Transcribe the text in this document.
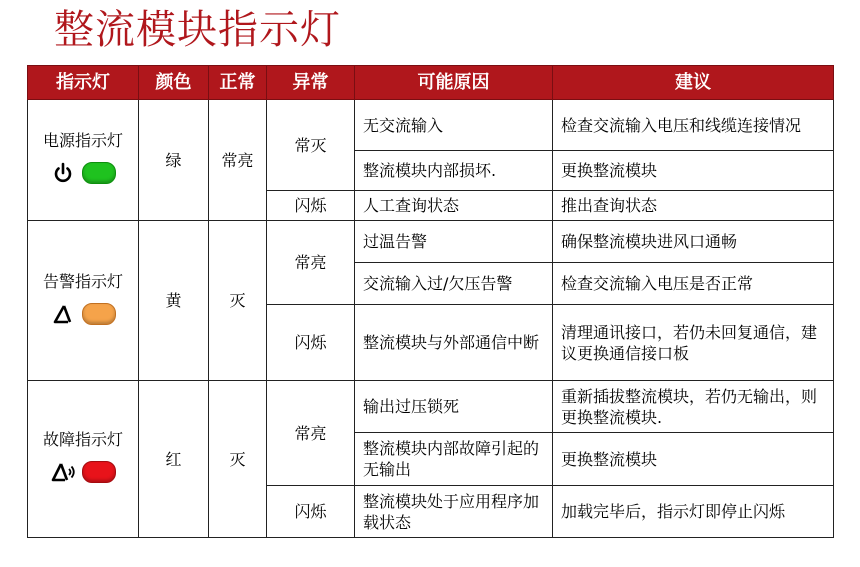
整流模块指示灯
指示灯	颜色	正常	异常	可能原因	建议

电源指示灯	绿	常亮	常灭	无交流输入	检查交流输入电压和线缆连接情况
				整流模块内部损坏.	更换整流模块
			闪烁	人工查询状态	推出查询状态

告警指示灯	黄	灭	常亮	过温告警	确保整流模块进风口通畅
				交流输入过/欠压告警	检查交流输入电压是否正常
			闪烁	整流模块与外部通信中断	清理通讯接口，若仍未回复通信，建议更换通信接口板

故障指示灯	红	灭	常亮	输出过压锁死	重新插拔整流模块，若仍无输出，则更换整流模块.
				整流模块内部故障引起的无输出	更换整流模块
			闪烁	整流模块处于应用程序加载状态	加载完毕后，指示灯即停止闪烁
